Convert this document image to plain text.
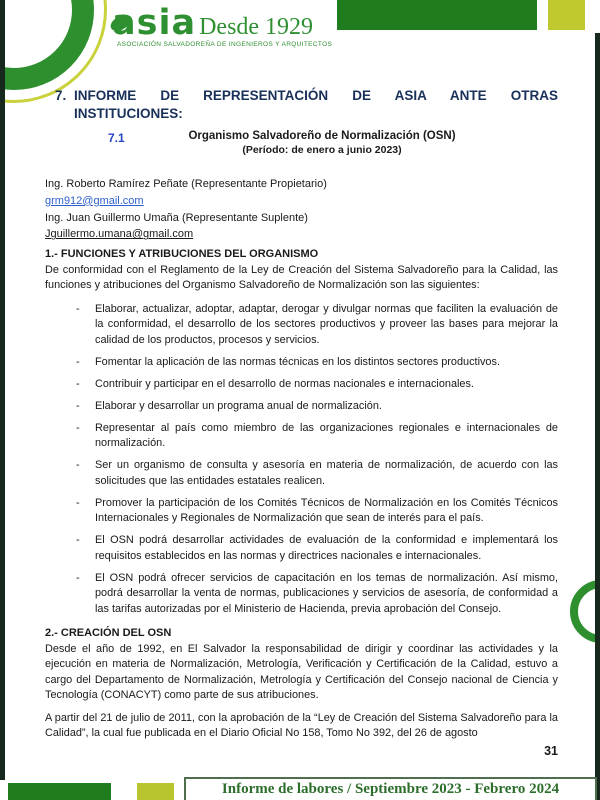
asia Desde 1929
ASOCIACIÓN SALVADOREÑA DE INGENIEROS Y ARQUITECTOS
7. INFORME DE REPRESENTACIÓN DE ASIA ANTE OTRAS
INSTITUCIONES:
7.1	Organismo Salvadoreño de Normalización (OSN)
(Período: de enero a junio 2023)
Ing. Roberto Ramírez Peñate (Representante Propietario)
grm912@gmail.com
Ing. Juan Guillermo Umaña (Representante Suplente)
Jguillermo.umana@gmail.com
1.- FUNCIONES Y ATRIBUCIONES DEL ORGANISMO
De conformidad con el Reglamento de la Ley de Creación del Sistema Salvadoreño para la Calidad, las funciones y atribuciones del Organismo Salvadoreño de Normalización son las siguientes:
- Elaborar, actualizar, adoptar, adaptar, derogar y divulgar normas que faciliten la evaluación de la conformidad, el desarrollo de los sectores productivos y proveer las bases para mejorar la calidad de los productos, procesos y servicios.
- Fomentar la aplicación de las normas técnicas en los distintos sectores productivos.
- Contribuir y participar en el desarrollo de normas nacionales e internacionales.
- Elaborar y desarrollar un programa anual de normalización.
- Representar al país como miembro de las organizaciones regionales e internacionales de normalización.
- Ser un organismo de consulta y asesoría en materia de normalización, de acuerdo con las solicitudes que las entidades estatales realicen.
- Promover la participación de los Comités Técnicos de Normalización en los Comités Técnicos Internacionales y Regionales de Normalización que sean de interés para el país.
- El OSN podrá desarrollar actividades de evaluación de la conformidad e implementará los requisitos establecidos en las normas y directrices nacionales e internacionales.
- El OSN podrá ofrecer servicios de capacitación en los temas de normalización. Así mismo, podrá desarrollar la venta de normas, publicaciones y servicios de asesoría, de conformidad a las tarifas autorizadas por el Ministerio de Hacienda, previa aprobación del Consejo.
2.- CREACIÓN DEL OSN
Desde el año de 1992, en El Salvador la responsabilidad de dirigir y coordinar las actividades y la ejecución en materia de Normalización, Metrología, Verificación y Certificación de la Calidad, estuvo a cargo del Departamento de Normalización, Metrología y Certificación del Consejo nacional de Ciencia y Tecnología (CONACYT) como parte de sus atribuciones.
A partir del 21 de julio de 2011, con la aprobación de la “Ley de Creación del Sistema Salvadoreño para la Calidad”, la cual fue publicada en el Diario Oficial No 158, Tomo No 392, del 26 de agosto
31
Informe de labores / Septiembre 2023 - Febrero 2024
